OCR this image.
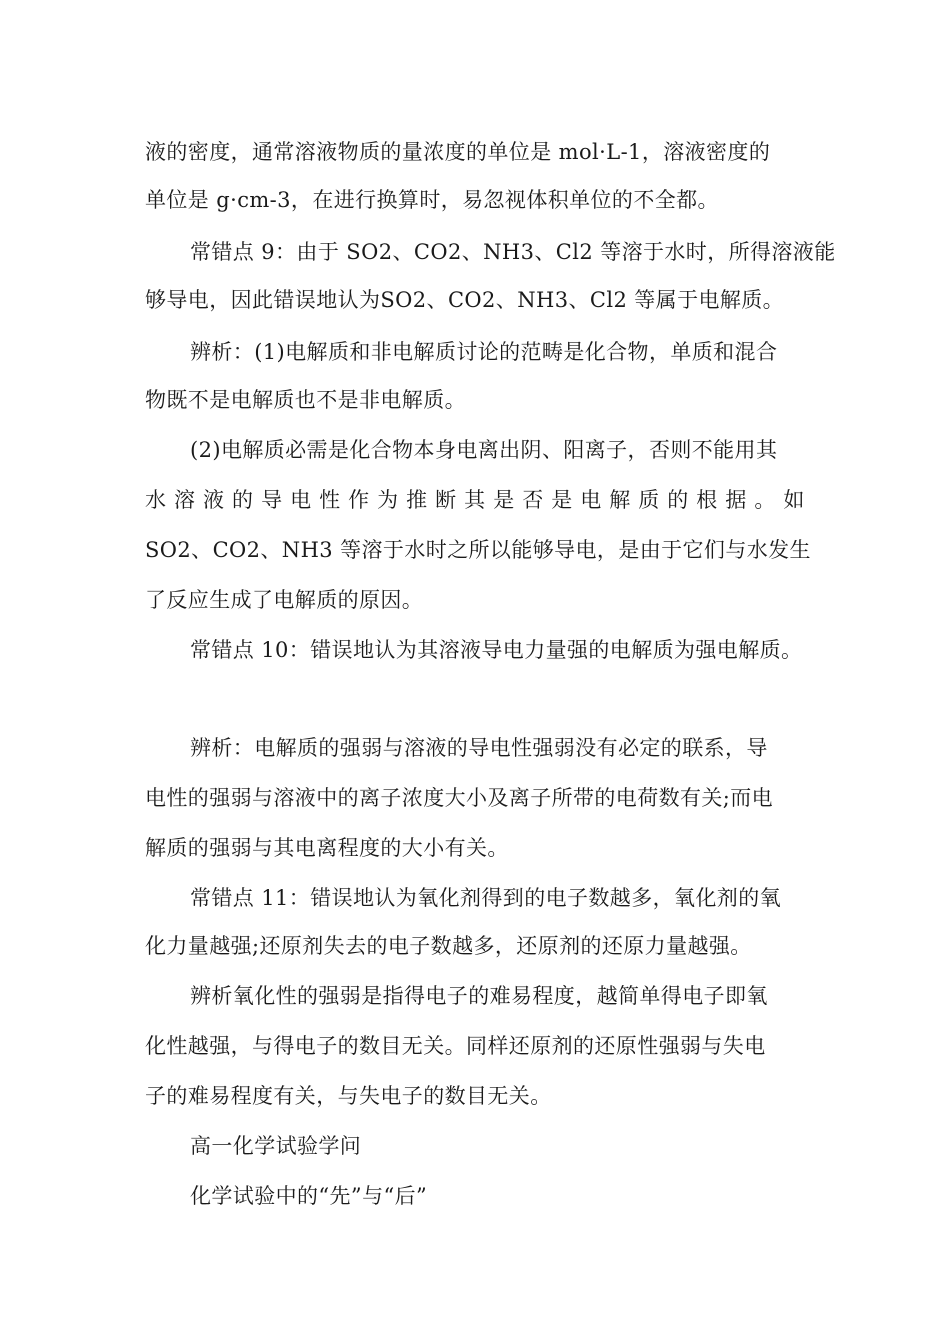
液的密度，通常溶液物质的量浓度的单位是 mol·L-1，溶液密度的
单位是 g·cm-3，在进行换算时，易忽视体积单位的不全都。
常错点 9：由于 SO2、CO2、NH3、Cl2 等溶于水时，所得溶液能
够导电，因此错误地认为SO2、CO2、NH3、Cl2 等属于电解质。
辨析：(1)电解质和非电解质讨论的范畴是化合物，单质和混合
物既不是电解质也不是非电解质。
(2)电解质必需是化合物本身电离出阴、阳离子，否则不能用其
水 溶 液 的 导 电 性 作 为 推 断 其 是 否 是 电 解 质 的 根 据 。 如
SO2、CO2、NH3 等溶于水时之所以能够导电，是由于它们与水发生
了反应生成了电解质的原因。
常错点 10：错误地认为其溶液导电力量强的电解质为强电解质。
辨析：电解质的强弱与溶液的导电性强弱没有必定的联系，导
电性的强弱与溶液中的离子浓度大小及离子所带的电荷数有关;而电
解质的强弱与其电离程度的大小有关。
常错点 11：错误地认为氧化剂得到的电子数越多，氧化剂的氧
化力量越强;还原剂失去的电子数越多，还原剂的还原力量越强。
辨析氧化性的强弱是指得电子的难易程度，越简单得电子即氧
化性越强，与得电子的数目无关。同样还原剂的还原性强弱与失电
子的难易程度有关，与失电子的数目无关。
高一化学试验学问
化学试验中的“先”与“后”
